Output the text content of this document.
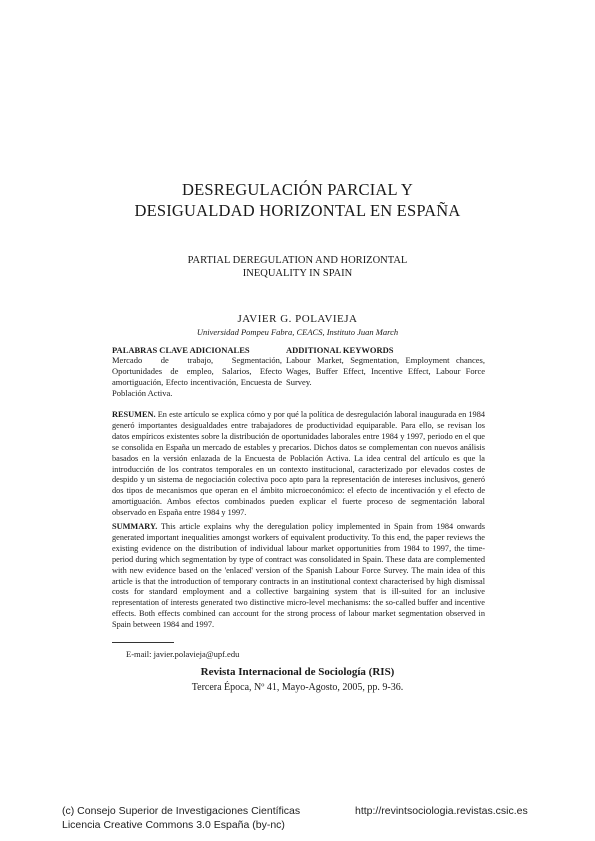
DESREGULACIÓN PARCIAL Y
DESIGUALDAD HORIZONTAL EN ESPAÑA
PARTIAL DEREGULATION AND HORIZONTAL
INEQUALITY IN SPAIN
JAVIER G. POLAVIEJA
Universidad Pompeu Fabra, CEACS, Instituto Juan March
PALABRAS CLAVE ADICIONALES
Mercado de trabajo, Segmentación, Oportunidades de empleo, Salarios, Efecto amortiguación, Efecto incentivación, Encuesta de Población Activa.
ADDITIONAL KEYWORDS
Labour Market, Segmentation, Employment chances, Wages, Buffer Effect, Incentive Effect, Labour Force Survey.
RESUMEN. En este artículo se explica cómo y por qué la política de desregulación laboral inaugurada en 1984 generó importantes desigualdades entre trabajadores de productividad equiparable. Para ello, se revisan los datos empíricos existentes sobre la distribución de oportunidades laborales entre 1984 y 1997, periodo en el que se consolida en España un mercado de estables y precarios. Dichos datos se complementan con nuevos análisis basados en la versión enlazada de la Encuesta de Población Activa. La idea central del artículo es que la introducción de los contratos temporales en un contexto institucional, caracterizado por elevados costes de despido y un sistema de negociación colectiva poco apto para la representación de intereses inclusivos, generó dos tipos de mecanismos que operan en el ámbito microeconómico: el efecto de incentivación y el efecto de amortiguación. Ambos efectos combinados pueden explicar el fuerte proceso de segmentación laboral observado en España entre 1984 y 1997.
SUMMARY. This article explains why the deregulation policy implemented in Spain from 1984 onwards generated important inequalities amongst workers of equivalent productivity. To this end, the paper reviews the existing evidence on the distribution of individual labour market opportunities from 1984 to 1997, the time-period during which segmentation by type of contract was consolidated in Spain. These data are complemented with new evidence based on the 'enlaced' version of the Spanish Labour Force Survey. The main idea of this article is that the introduction of temporary contracts in an institutional context characterised by high dismissal costs for standard employment and a collective bargaining system that is ill-suited for an inclusive representation of interests generated two distinctive micro-level mechanisms: the so-called buffer and incentive effects. Both effects combined can account for the strong process of labour market segmentation observed in Spain between 1984 and 1997.
E-mail: javier.polavieja@upf.edu
Revista Internacional de Sociología (RIS)
Tercera Época, Nº 41, Mayo-Agosto, 2005, pp. 9-36.
(c) Consejo Superior de Investigaciones Científicas
Licencia Creative Commons 3.0 España (by-nc)
http://revintsociologia.revistas.csic.es
